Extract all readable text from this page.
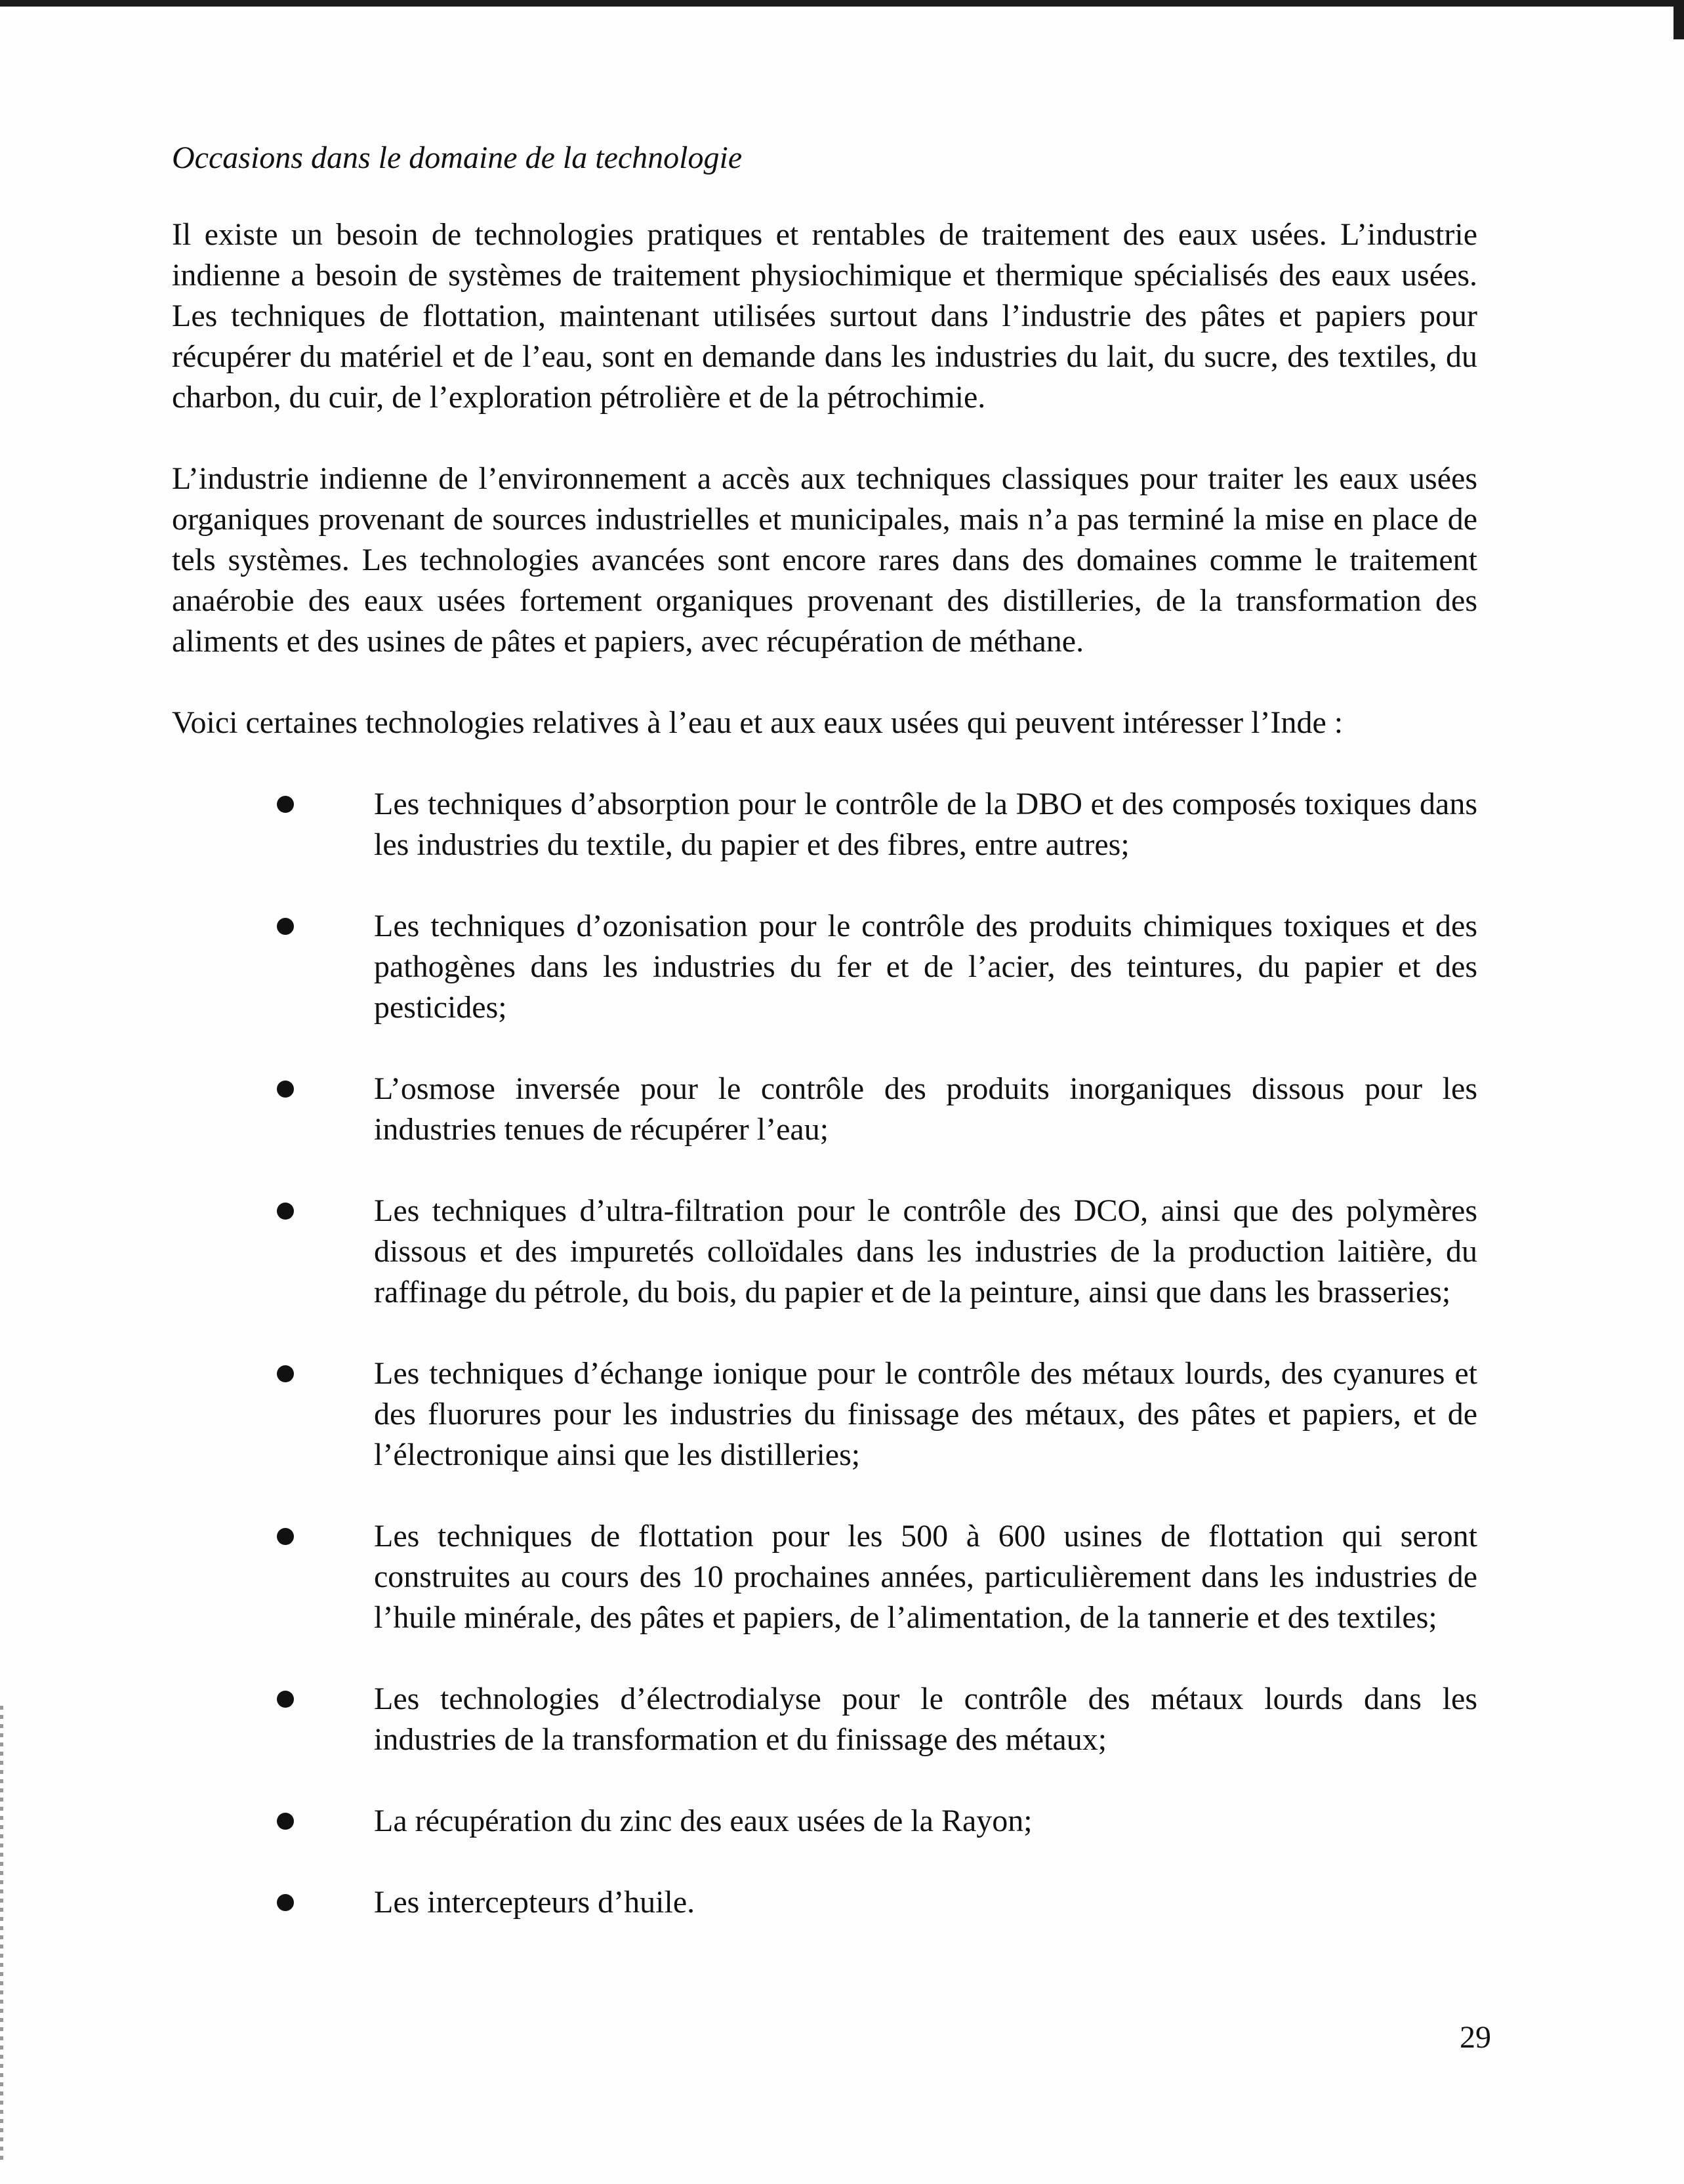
Occasions dans le domaine de la technologie

Il existe un besoin de technologies pratiques et rentables de traitement des eaux usées. L’industrie indienne a besoin de systèmes de traitement physiochimique et thermique spécialisés des eaux usées. Les techniques de flottation, maintenant utilisées surtout dans l’industrie des pâtes et papiers pour récupérer du matériel et de l’eau, sont en demande dans les industries du lait, du sucre, des textiles, du charbon, du cuir, de l’exploration pétrolière et de la pétrochimie.

L’industrie indienne de l’environnement a accès aux techniques classiques pour traiter les eaux usées organiques provenant de sources industrielles et municipales, mais n’a pas terminé la mise en place de tels systèmes. Les technologies avancées sont encore rares dans des domaines comme le traitement anaérobie des eaux usées fortement organiques provenant des distilleries, de la transformation des aliments et des usines de pâtes et papiers, avec récupération de méthane.

Voici certaines technologies relatives à l’eau et aux eaux usées qui peuvent intéresser l’Inde :

Les techniques d’absorption pour le contrôle de la DBO et des composés toxiques dans les industries du textile, du papier et des fibres, entre autres;
Les techniques d’ozonisation pour le contrôle des produits chimiques toxiques et des pathogènes dans les industries du fer et de l’acier, des teintures, du papier et des pesticides;
L’osmose inversée pour le contrôle des produits inorganiques dissous pour les industries tenues de récupérer l’eau;
Les techniques d’ultra-filtration pour le contrôle des DCO, ainsi que des polymères dissous et des impuretés colloïdales dans les industries de la production laitière, du raffinage du pétrole, du bois, du papier et de la peinture, ainsi que dans les brasseries;
Les techniques d’échange ionique pour le contrôle des métaux lourds, des cyanures et des fluorures pour les industries du finissage des métaux, des pâtes et papiers, et de l’électronique ainsi que les distilleries;
Les techniques de flottation pour les 500 à 600 usines de flottation qui seront construites au cours des 10 prochaines années, particulièrement dans les industries de l’huile minérale, des pâtes et papiers, de l’alimentation, de la tannerie et des textiles;
Les technologies d’électrodialyse pour le contrôle des métaux lourds dans les industries de la transformation et du finissage des métaux;
La récupération du zinc des eaux usées de la Rayon;
Les intercepteurs d’huile.
29
